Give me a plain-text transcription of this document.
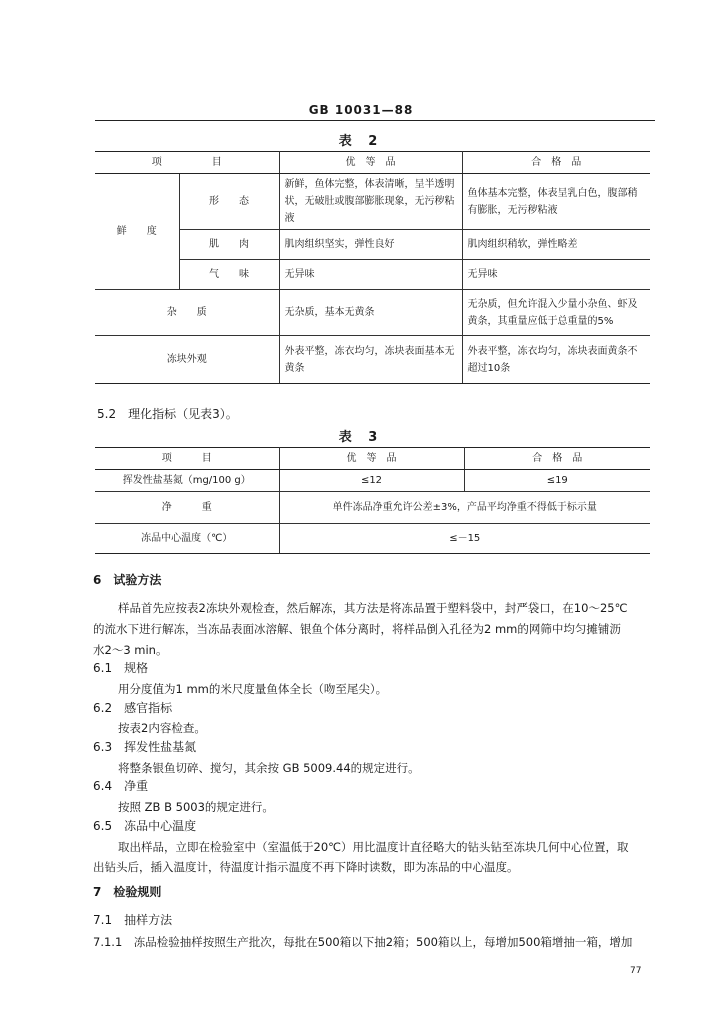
GB 10031—88
表 2
项　　　　　目		优　等　品	合　格　品
鲜　　度	形　　态	新鲜，鱼体完整，体表清晰，呈半透明状，无破肚或腹部膨胀现象，无污秽粘液	鱼体基本完整，体表呈乳白色，腹部稍有膨胀，无污秽粘液
	肌　　肉	肌肉组织坚实，弹性良好	肌肉组织稍软，弹性略差
	气　　味	无异味	无异味
杂　　质		无杂质，基本无黄条	无杂质，但允许混入少量小杂鱼、虾及黄条，其重量应低于总重量的5%
冻块外观		外表平整，冻衣均匀，冻块表面基本无黄条	外表平整，冻衣均匀，冻块表面黄条不超过10条
5.2　理化指标（见表3）。
表 3
项　　　目	优　等　品	合　格　品
挥发性盐基氮（mg/100 g）	≤12	≤19
净　　　重	单件冻品净重允许公差±3%，产品平均净重不得低于标示量	
冻品中心温度（℃）	≤－15	
6　试验方法
样品首先应按表2冻块外观检查，然后解冻，其方法是将冻品置于塑料袋中，封严袋口，在10～25℃
的流水下进行解冻，当冻品表面冰溶解、银鱼个体分离时，将样品倒入孔径为2 mm的网筛中均匀摊铺沥
水2～3 min。
6.1　规格
用分度值为1 mm的米尺度量鱼体全长（吻至尾尖）。
6.2　感官指标
按表2内容检查。
6.3　挥发性盐基氮
将整条银鱼切碎、搅匀，其余按 GB 5009.44的规定进行。
6.4　净重
按照 ZB B 5003的规定进行。
6.5　冻品中心温度
取出样品，立即在检验室中（室温低于20℃）用比温度计直径略大的钻头钻至冻块几何中心位置，取
出钻头后，插入温度计，待温度计指示温度不再下降时读数，即为冻品的中心温度。
7　检验规则
7.1　抽样方法
7.1.1　冻品检验抽样按照生产批次，每批在500箱以下抽2箱；500箱以上，每增加500箱增抽一箱，增加
77
